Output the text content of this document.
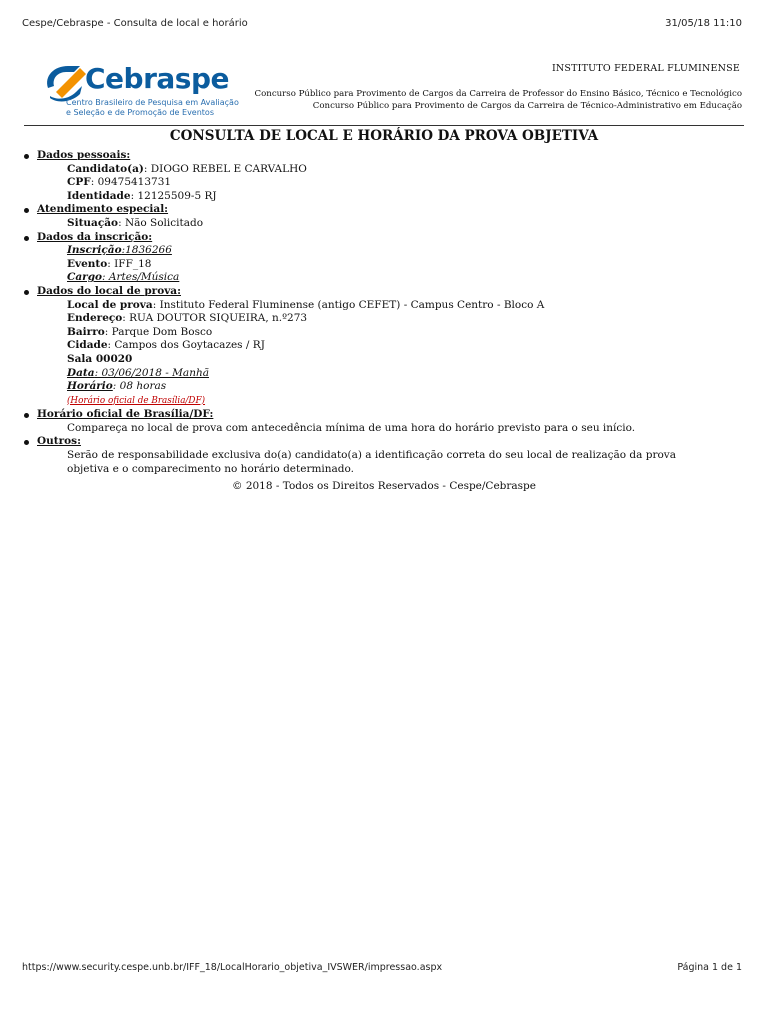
Cespe/Cebraspe - Consulta de local e horário	31/05/18 11:10
Cebraspe
Centro Brasileiro de Pesquisa em Avaliação
e Seleção e de Promoção de Eventos
INSTITUTO FEDERAL FLUMINENSE
Concurso Público para Provimento de Cargos da Carreira de Professor do Ensino Básico, Técnico e Tecnológico
Concurso Público para Provimento de Cargos da Carreira de Técnico-Administrativo em Educação
CONSULTA DE LOCAL E HORÁRIO DA PROVA OBJETIVA
Dados pessoais:
Candidato(a): DIOGO REBEL E CARVALHO
CPF: 09475413731
Identidade: 12125509-5 RJ
Atendimento especial:
Situação: Não Solicitado
Dados da inscrição:
Inscrição:1836266
Evento: IFF_18
Cargo: Artes/Música
Dados do local de prova:
Local de prova: Instituto Federal Fluminense (antigo CEFET) - Campus Centro - Bloco A
Endereço: RUA DOUTOR SIQUEIRA, n.º273
Bairro: Parque Dom Bosco
Cidade: Campos dos Goytacazes / RJ
Sala 00020
Data: 03/06/2018 - Manhã
Horário: 08 horas
(Horário oficial de Brasília/DF)
Horário oficial de Brasília/DF:
Compareça no local de prova com antecedência mínima de uma hora do horário previsto para o seu início.
Outros:
Serão de responsabilidade exclusiva do(a) candidato(a) a identificação correta do seu local de realização da prova objetiva e o comparecimento no horário determinado.
© 2018 - Todos os Direitos Reservados - Cespe/Cebraspe
https://www.security.cespe.unb.br/IFF_18/LocalHorario_objetiva_IVSWER/impressao.aspx	Página 1 de 1
